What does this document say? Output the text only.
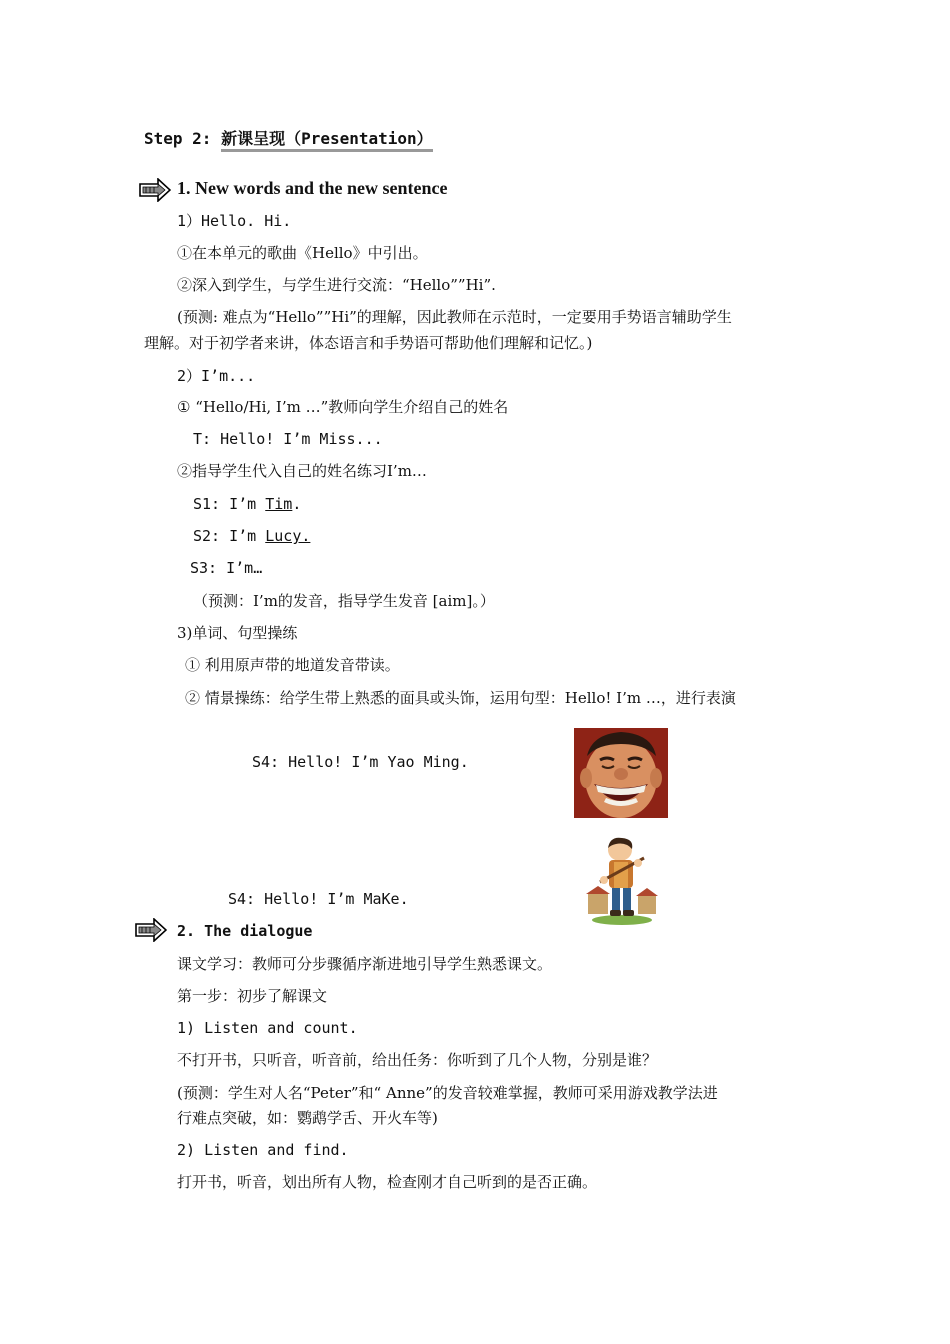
Step 2: 新课呈现（Presentation）
1. New words and the new sentence
1）Hello. Hi.
①在本单元的歌曲《Hello》中引出。
②深入到学生，与学生进行交流：“Hello””Hi”.
(预测: 难点为“Hello””Hi”的理解，因此教师在示范时，一定要用手势语言辅助学生
理解。对于初学者来讲，体态语言和手势语可帮助他们理解和记忆。)
2）I’m...
① “Hello/Hi, I’m …”教师向学生介绍自己的姓名
T: Hello! I’m Miss...
②指导学生代入自己的姓名练习I’m…
S1: I’m Tim.
S2: I’m Lucy.
S3: I’m…
（预测：I’m的发音，指导学生发音 [aim]。）
3)单词、句型操练
① 利用原声带的地道发音带读。
② 情景操练：给学生带上熟悉的面具或头饰，运用句型：Hello! I’m …，进行表演
S4: Hello! I’m Yao Ming.
S4: Hello! I’m MaKe.
2. The dialogue
课文学习：教师可分步骤循序渐进地引导学生熟悉课文。
第一步：初步了解课文
1) Listen and count.
不打开书，只听音，听音前，给出任务：你听到了几个人物，分别是谁？
(预测：学生对人名“Peter”和“ Anne”的发音较难掌握，教师可采用游戏教学法进
行难点突破，如：鹦鹉学舌、开火车等)
2) Listen and find.
打开书，听音，划出所有人物，检查刚才自己听到的是否正确。
